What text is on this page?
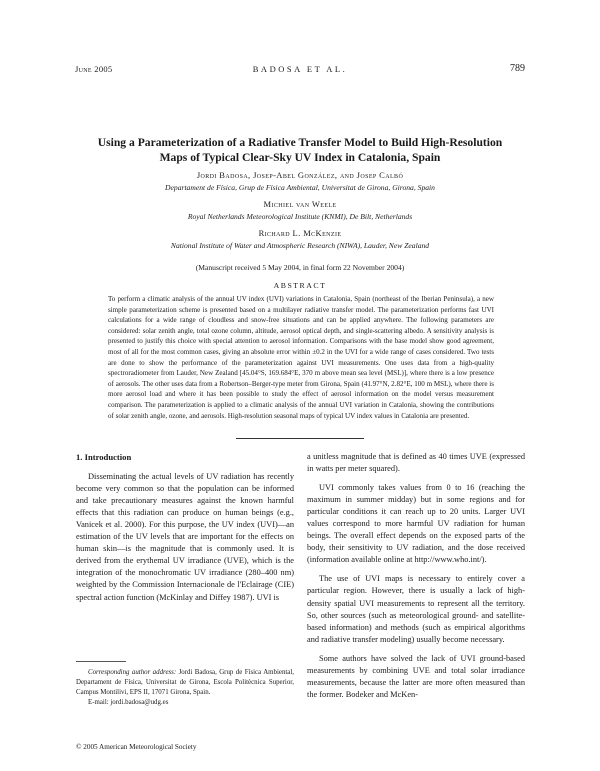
June 2005	BADOSA ET AL.	789
Using a Parameterization of a Radiative Transfer Model to Build High-Resolution
Maps of Typical Clear-Sky UV Index in Catalonia, Spain
Jordi Badosa, Josep-Abel González, and Josep Calbó
Departament de Física, Grup de Física Ambiental, Universitat de Girona, Girona, Spain
Michiel van Weele
Royal Netherlands Meteorological Institute (KNMI), De Bilt, Netherlands
Richard L. McKenzie
National Institute of Water and Atmospheric Research (NIWA), Lauder, New Zealand
(Manuscript received 5 May 2004, in final form 22 November 2004)
ABSTRACT

To perform a climatic analysis of the annual UV index (UVI) variations in Catalonia, Spain (northeast of the Iberian Peninsula), a new simple parameterization scheme is presented based on a multilayer radiative transfer model. The parameterization performs fast UVI calculations for a wide range of cloudless and snow-free situations and can be applied anywhere. The following parameters are considered: solar zenith angle, total ozone column, altitude, aerosol optical depth, and single-scattering albedo. A sensitivity analysis is presented to justify this choice with special attention to aerosol information. Comparisons with the base model show good agreement, most of all for the most common cases, giving an absolute error within ±0.2 in the UVI for a wide range of cases considered. Two tests are done to show the performance of the parameterization against UVI measurements. One uses data from a high-quality spectroradiometer from Lauder, New Zealand [45.04°S, 169.684°E, 370 m above mean sea level (MSL)], where there is a low presence of aerosols. The other uses data from a Robertson–Berger-type meter from Girona, Spain (41.97°N, 2.82°E, 100 m MSL), where there is more aerosol load and where it has been possible to study the effect of aerosol information on the model versus measurement comparison. The parameterization is applied to a climatic analysis of the annual UVI variation in Catalonia, showing the contributions of solar zenith angle, ozone, and aerosols. High-resolution seasonal maps of typical UV index values in Catalonia are presented.

1. Introduction

Disseminating the actual levels of UV radiation has recently become very common so that the population can be informed and take precautionary measures against the known harmful effects that this radiation can produce on human beings (e.g., Vanicek et al. 2000). For this purpose, the UV index (UVI)—an estimation of the UV levels that are important for the effects on human skin—is the magnitude that is commonly used. It is derived from the erythemal UV irradiance (UVE), which is the integration of the monochromatic UV irradiance (280–400 nm) weighted by the Commission Internacionale de l'Eclairage (CIE) spectral action function (McKinlay and Diffey 1987). UVI is

a unitless magnitude that is defined as 40 times UVE (expressed in watts per meter squared).

UVI commonly takes values from 0 to 16 (reaching the maximum in summer midday) but in some regions and for particular conditions it can reach up to 20 units. Larger UVI values correspond to more harmful UV radiation for human beings. The overall effect depends on the exposed parts of the body, their sensitivity to UV radiation, and the dose received (information available online at http://www.who.int/).

The use of UVI maps is necessary to entirely cover a particular region. However, there is usually a lack of high-density spatial UVI measurements to represent all the territory. So, other sources (such as meteorological ground- and satellite-based information) and methods (such as empirical algorithms and radiative transfer modeling) usually become necessary.

Some authors have solved the lack of UVI ground-based measurements by combining UVE and total solar irradiance measurements, because the latter are more often measured than the former. Bodeker and McKen-

Corresponding author address: Jordi Badosa, Grup de Física Ambiental, Departament de Física, Universitat de Girona, Escola Politècnica Superior, Campus Montilivi, EPS II, 17071 Girona, Spain.

E-mail: jordi.badosa@udg.es

© 2005 American Meteorological Society
